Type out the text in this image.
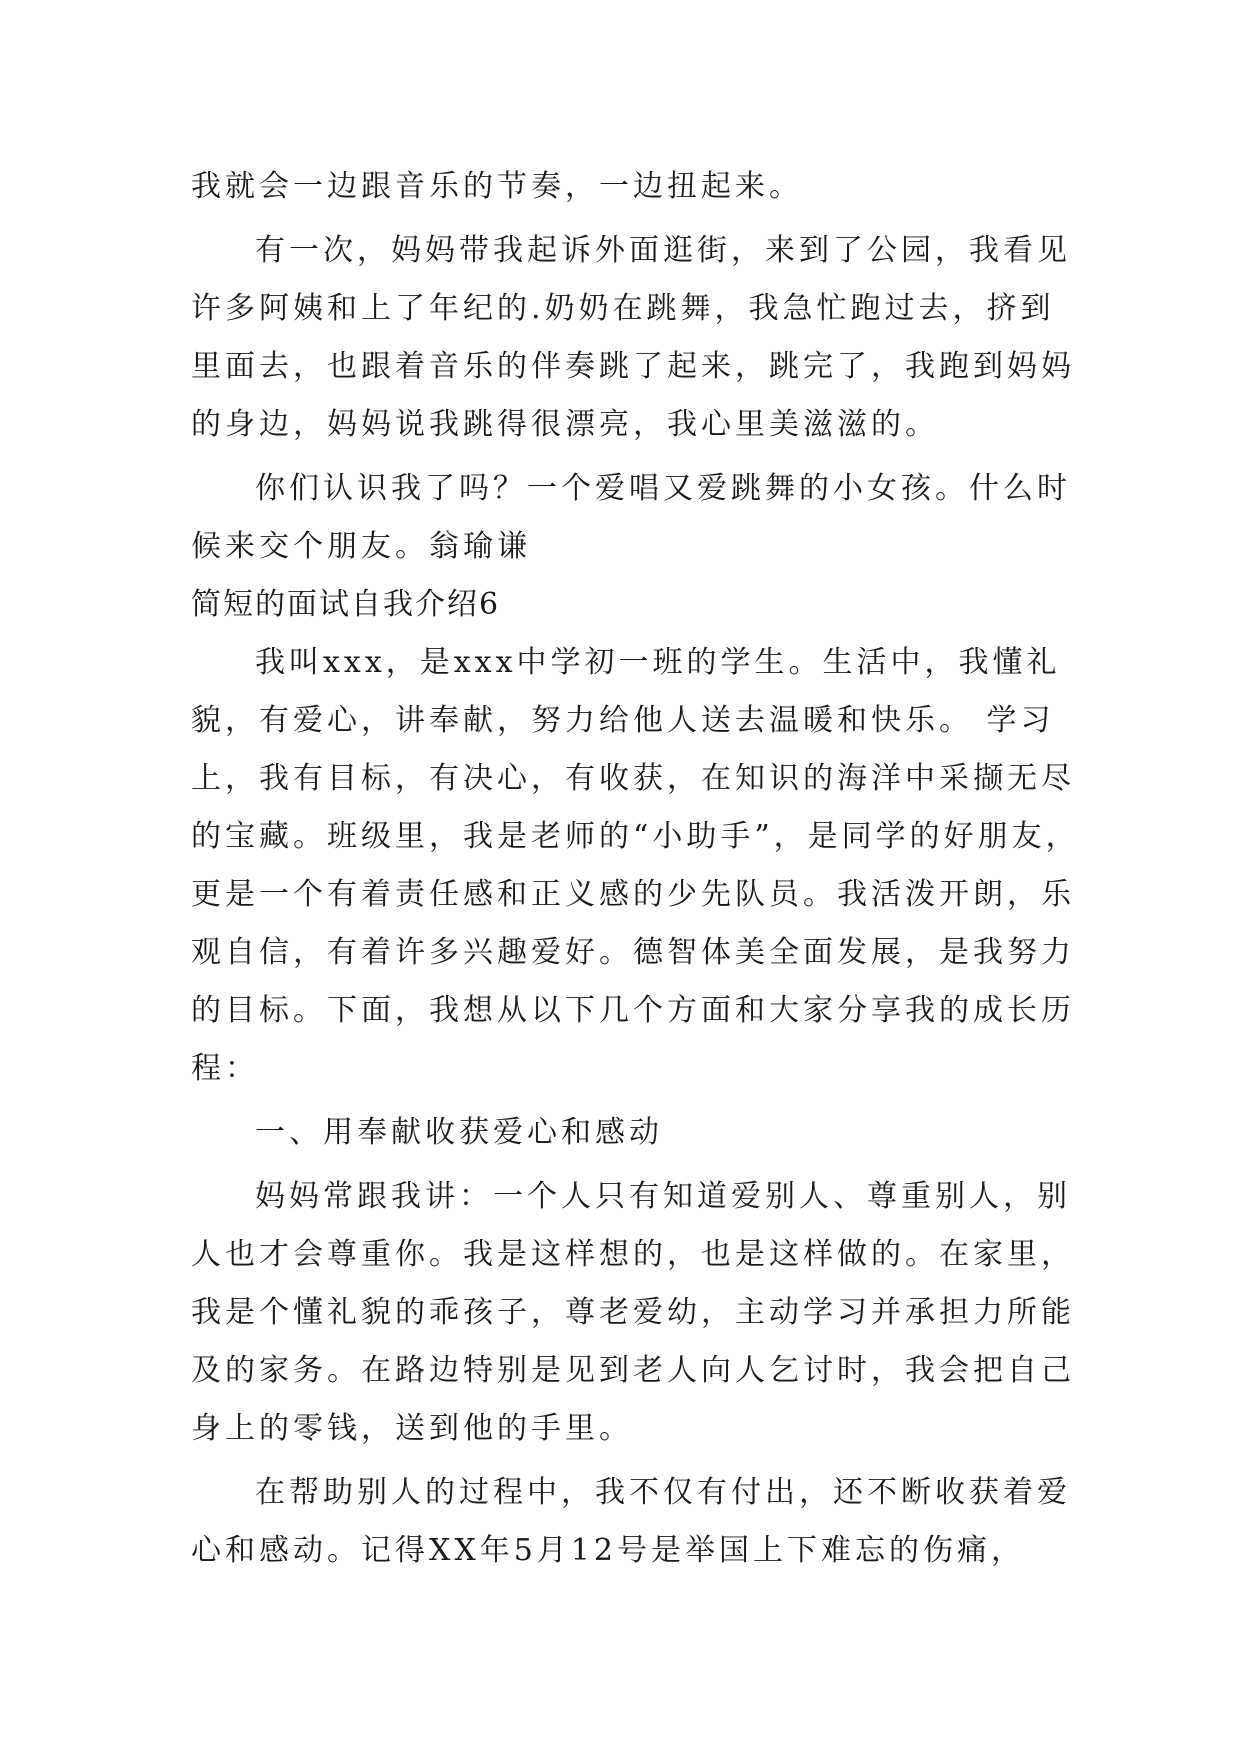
我就会一边跟音乐的节奏，一边扭起来。
有一次，妈妈带我起诉外面逛街，来到了公园，我看见
许多阿姨和上了年纪的.奶奶在跳舞，我急忙跑过去，挤到
里面去，也跟着音乐的伴奏跳了起来，跳完了，我跑到妈妈
的身边，妈妈说我跳得很漂亮，我心里美滋滋的。
你们认识我了吗？一个爱唱又爱跳舞的小女孩。什么时
候来交个朋友。翁瑜谦
简短的面试自我介绍6
我叫xxx，是xxx中学初一班的学生。生活中，我懂礼
貌，有爱心，讲奉献，努力给他人送去温暖和快乐。 学习
上，我有目标，有决心，有收获，在知识的海洋中采撷无尽
的宝藏。班级里，我是老师的“小助手”，是同学的好朋友，
更是一个有着责任感和正义感的少先队员。我活泼开朗，乐
观自信，有着许多兴趣爱好。德智体美全面发展，是我努力
的目标。下面，我想从以下几个方面和大家分享我的成长历
程：
一、用奉献收获爱心和感动
妈妈常跟我讲：一个人只有知道爱别人、尊重别人，别
人也才会尊重你。我是这样想的，也是这样做的。在家里，
我是个懂礼貌的乖孩子，尊老爱幼，主动学习并承担力所能
及的家务。在路边特别是见到老人向人乞讨时，我会把自己
身上的零钱，送到他的手里。
在帮助别人的过程中，我不仅有付出，还不断收获着爱
心和感动。记得XX年5月12号是举国上下难忘的伤痛，
